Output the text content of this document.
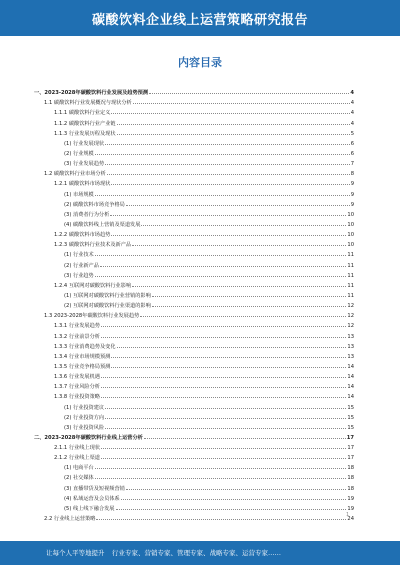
碳酸饮料企业线上运营策略研究报告
内容目录
一、2023-2028年碳酸饮料行业发展及趋势预测	4
1.1 碳酸饮料行业发展概况与现状分析	4
1.1.1 碳酸饮料行业定义	4
1.1.2 碳酸饮料行业产业链	4
1.1.3 行业发展历程及现状	5
(1) 行业发展现状	6
(2) 行业规模	6
(3) 行业发展趋势	7
1.2 碳酸饮料行业市场分析	8
1.2.1 碳酸饮料市场现状	9
(1) 市场规模	9
(2) 碳酸饮料市场竞争格局	9
(3) 消费者行为分析	10
(4) 碳酸饮料线上营销及渠道发展	10
1.2.2 碳酸饮料市场趋势	10
1.2.3 碳酸饮料行业技术及新产品	10
(1) 行业技术	11
(2) 行业新产品	11
(3) 行业趋势	11
1.2.4 互联网对碳酸饮料行业影响	11
(1) 互联网对碳酸饮料行业营销的影响	11
(2) 互联网对碳酸饮料行业渠道的影响	12
1.3 2023-2028年碳酸饮料行业发展趋势	12
1.3.1 行业发展趋势	12
1.3.2 行业前景分析	13
1.3.3 行业消费趋势及变化	13
1.3.4 行业市场规模预测	13
1.3.5 行业竞争格局预测	14
1.3.6 行业发展机遇	14
1.3.7 行业风险分析	14
1.3.8 行业投资策略	14
(1) 行业投资建议	15
(2) 行业投资方向	15
(3) 行业投资风险	15
二、2023-2028年碳酸饮料行业线上运营分析	17
2.1.1 行业线上现状	17
2.1.2 行业线上渠道	17
(1) 电商平台	18
(2) 社交媒体	18
(3) 直播带货及短视频营销	18
(4) 私域运营及会员体系	19
(5) 线上线下融合发展	19
2.2 行业线上运营策略	24
1
让每个人平等地提升 行业专家、营销专家、管理专家、战略专家、运营专家……
